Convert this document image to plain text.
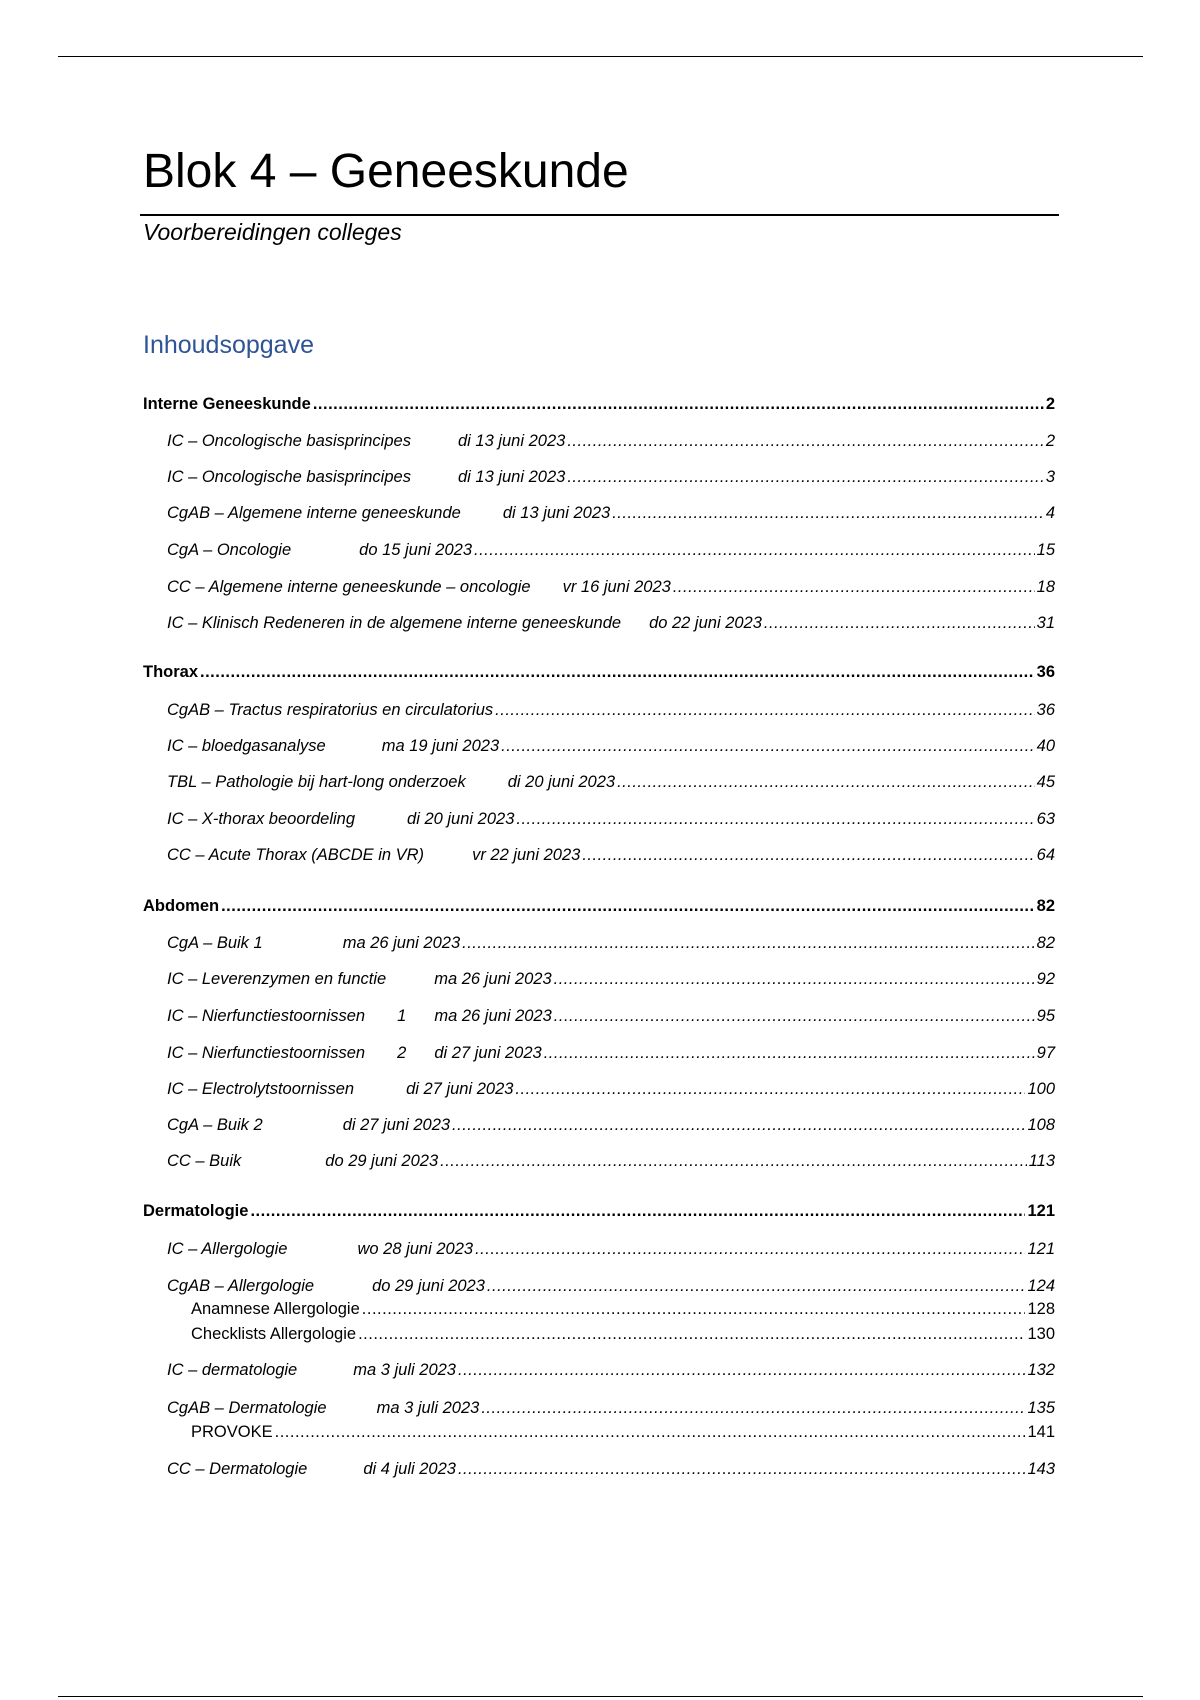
Blok 4 – Geneeskunde
Voorbereidingen colleges
Inhoudsopgave
Interne Geneeskunde .....	2
IC – Oncologische basisprincipes	di 13 juni 2023 .....	2
IC – Oncologische basisprincipes	di 13 juni 2023 .....	3
CgAB – Algemene interne geneeskunde	di 13 juni 2023 .....	4
CgA – Oncologie	do 15 juni 2023 .....	15
CC – Algemene interne geneeskunde – oncologie vr 16 juni 2023 .....	18
IC – Klinisch Redeneren in de algemene interne geneeskunde do 22 juni 2023 .....	31
Thorax .....	36
CgAB – Tractus respiratorius en circulatorius .....	36
IC – bloedgasanalyse	ma 19 juni 2023 .....	40
TBL – Pathologie bij hart-long onderzoek	di 20 juni 2023 .....	45
IC – X-thorax beoordeling	di 20 juni 2023 .....	63
CC – Acute Thorax (ABCDE in VR)	vr 22 juni 2023 .....	64
Abdomen .....	82
CgA – Buik 1	ma 26 juni 2023 .....	82
IC – Leverenzymen en functie	ma 26 juni 2023 .....	92
IC – Nierfunctiestoornissen       1 ma 26 juni 2023 .....	95
IC – Nierfunctiestoornissen       2 di 27 juni 2023 .....	97
IC – Electrolytstoornissen	di 27 juni 2023 .....	100
CgA – Buik 2	di 27 juni 2023 .....	108
CC – Buik	do 29 juni 2023 .....	113
Dermatologie .....	121
IC – Allergologie	wo 28 juni 2023 .....	121
CgAB – Allergologie	do 29 juni 2023 .....	124
Anamnese Allergologie .....	128
Checklists Allergologie .....	130
IC – dermatologie	ma 3 juli 2023 .....	132
CgAB – Dermatologie	ma 3 juli 2023 .....	135
PROVOKE .....	141
CC – Dermatologie	di 4 juli 2023 .....	143
